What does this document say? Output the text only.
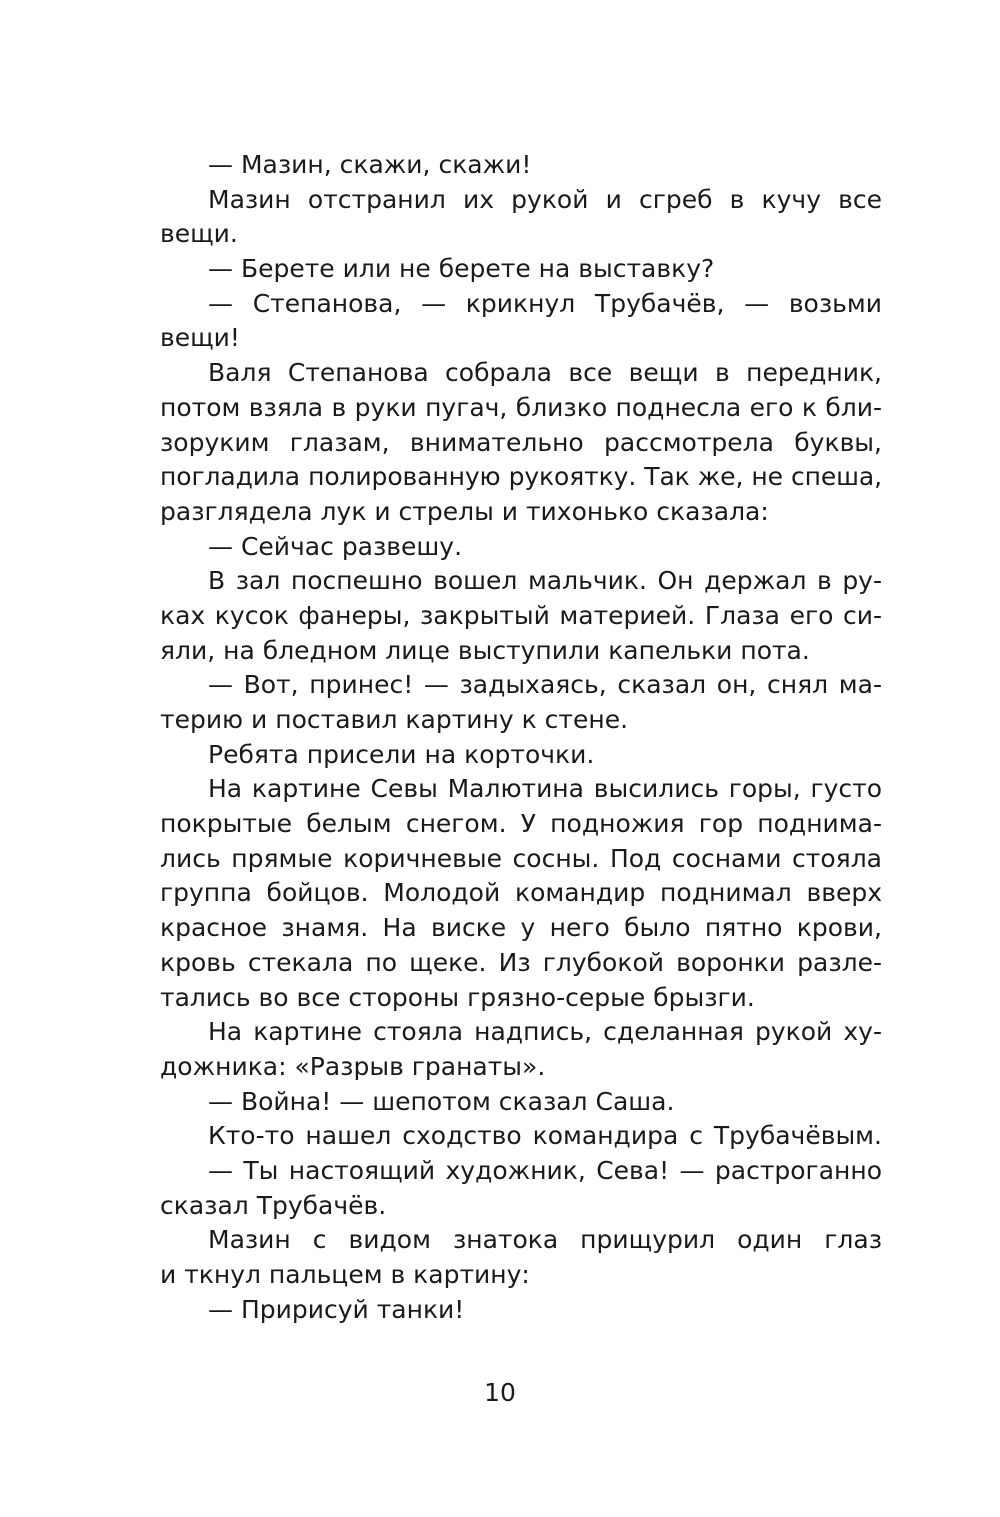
— Мазин, скажи, скажи!
Мазин отстранил их рукой и сгреб в кучу все
вещи.
— Берете или не берете на выставку?
— Степанова, — крикнул Трубачёв, — возьми
вещи!
Валя Степанова собрала все вещи в передник,
потом взяла в руки пугач, близко поднесла его к бли-
зоруким глазам, внимательно рассмотрела буквы,
погладила полированную рукоятку. Так же, не спеша,
разглядела лук и стрелы и тихонько сказала:
— Сейчас развешу.
В зал поспешно вошел мальчик. Он держал в ру-
ках кусок фанеры, закрытый материей. Глаза его си-
яли, на бледном лице выступили капельки пота.
— Вот, принес! — задыхаясь, сказал он, снял ма-
терию и поставил картину к стене.
Ребята присели на корточки.
На картине Севы Малютина высились горы, густо
покрытые белым снегом. У подножия гор поднима-
лись прямые коричневые сосны. Под соснами стояла
группа бойцов. Молодой командир поднимал вверх
красное знамя. На виске у него было пятно крови,
кровь стекала по щеке. Из глубокой воронки разле-
тались во все стороны грязно-серые брызги.
На картине стояла надпись, сделанная рукой ху-
дожника: «Разрыв гранаты».
— Война! — шепотом сказал Саша.
Кто-то нашел сходство командира с Трубачёвым.
— Ты настоящий художник, Сева! — растроганно
сказал Трубачёв.
Мазин с видом знатока прищурил один глаз
и ткнул пальцем в картину:
— Пририсуй танки!
10
